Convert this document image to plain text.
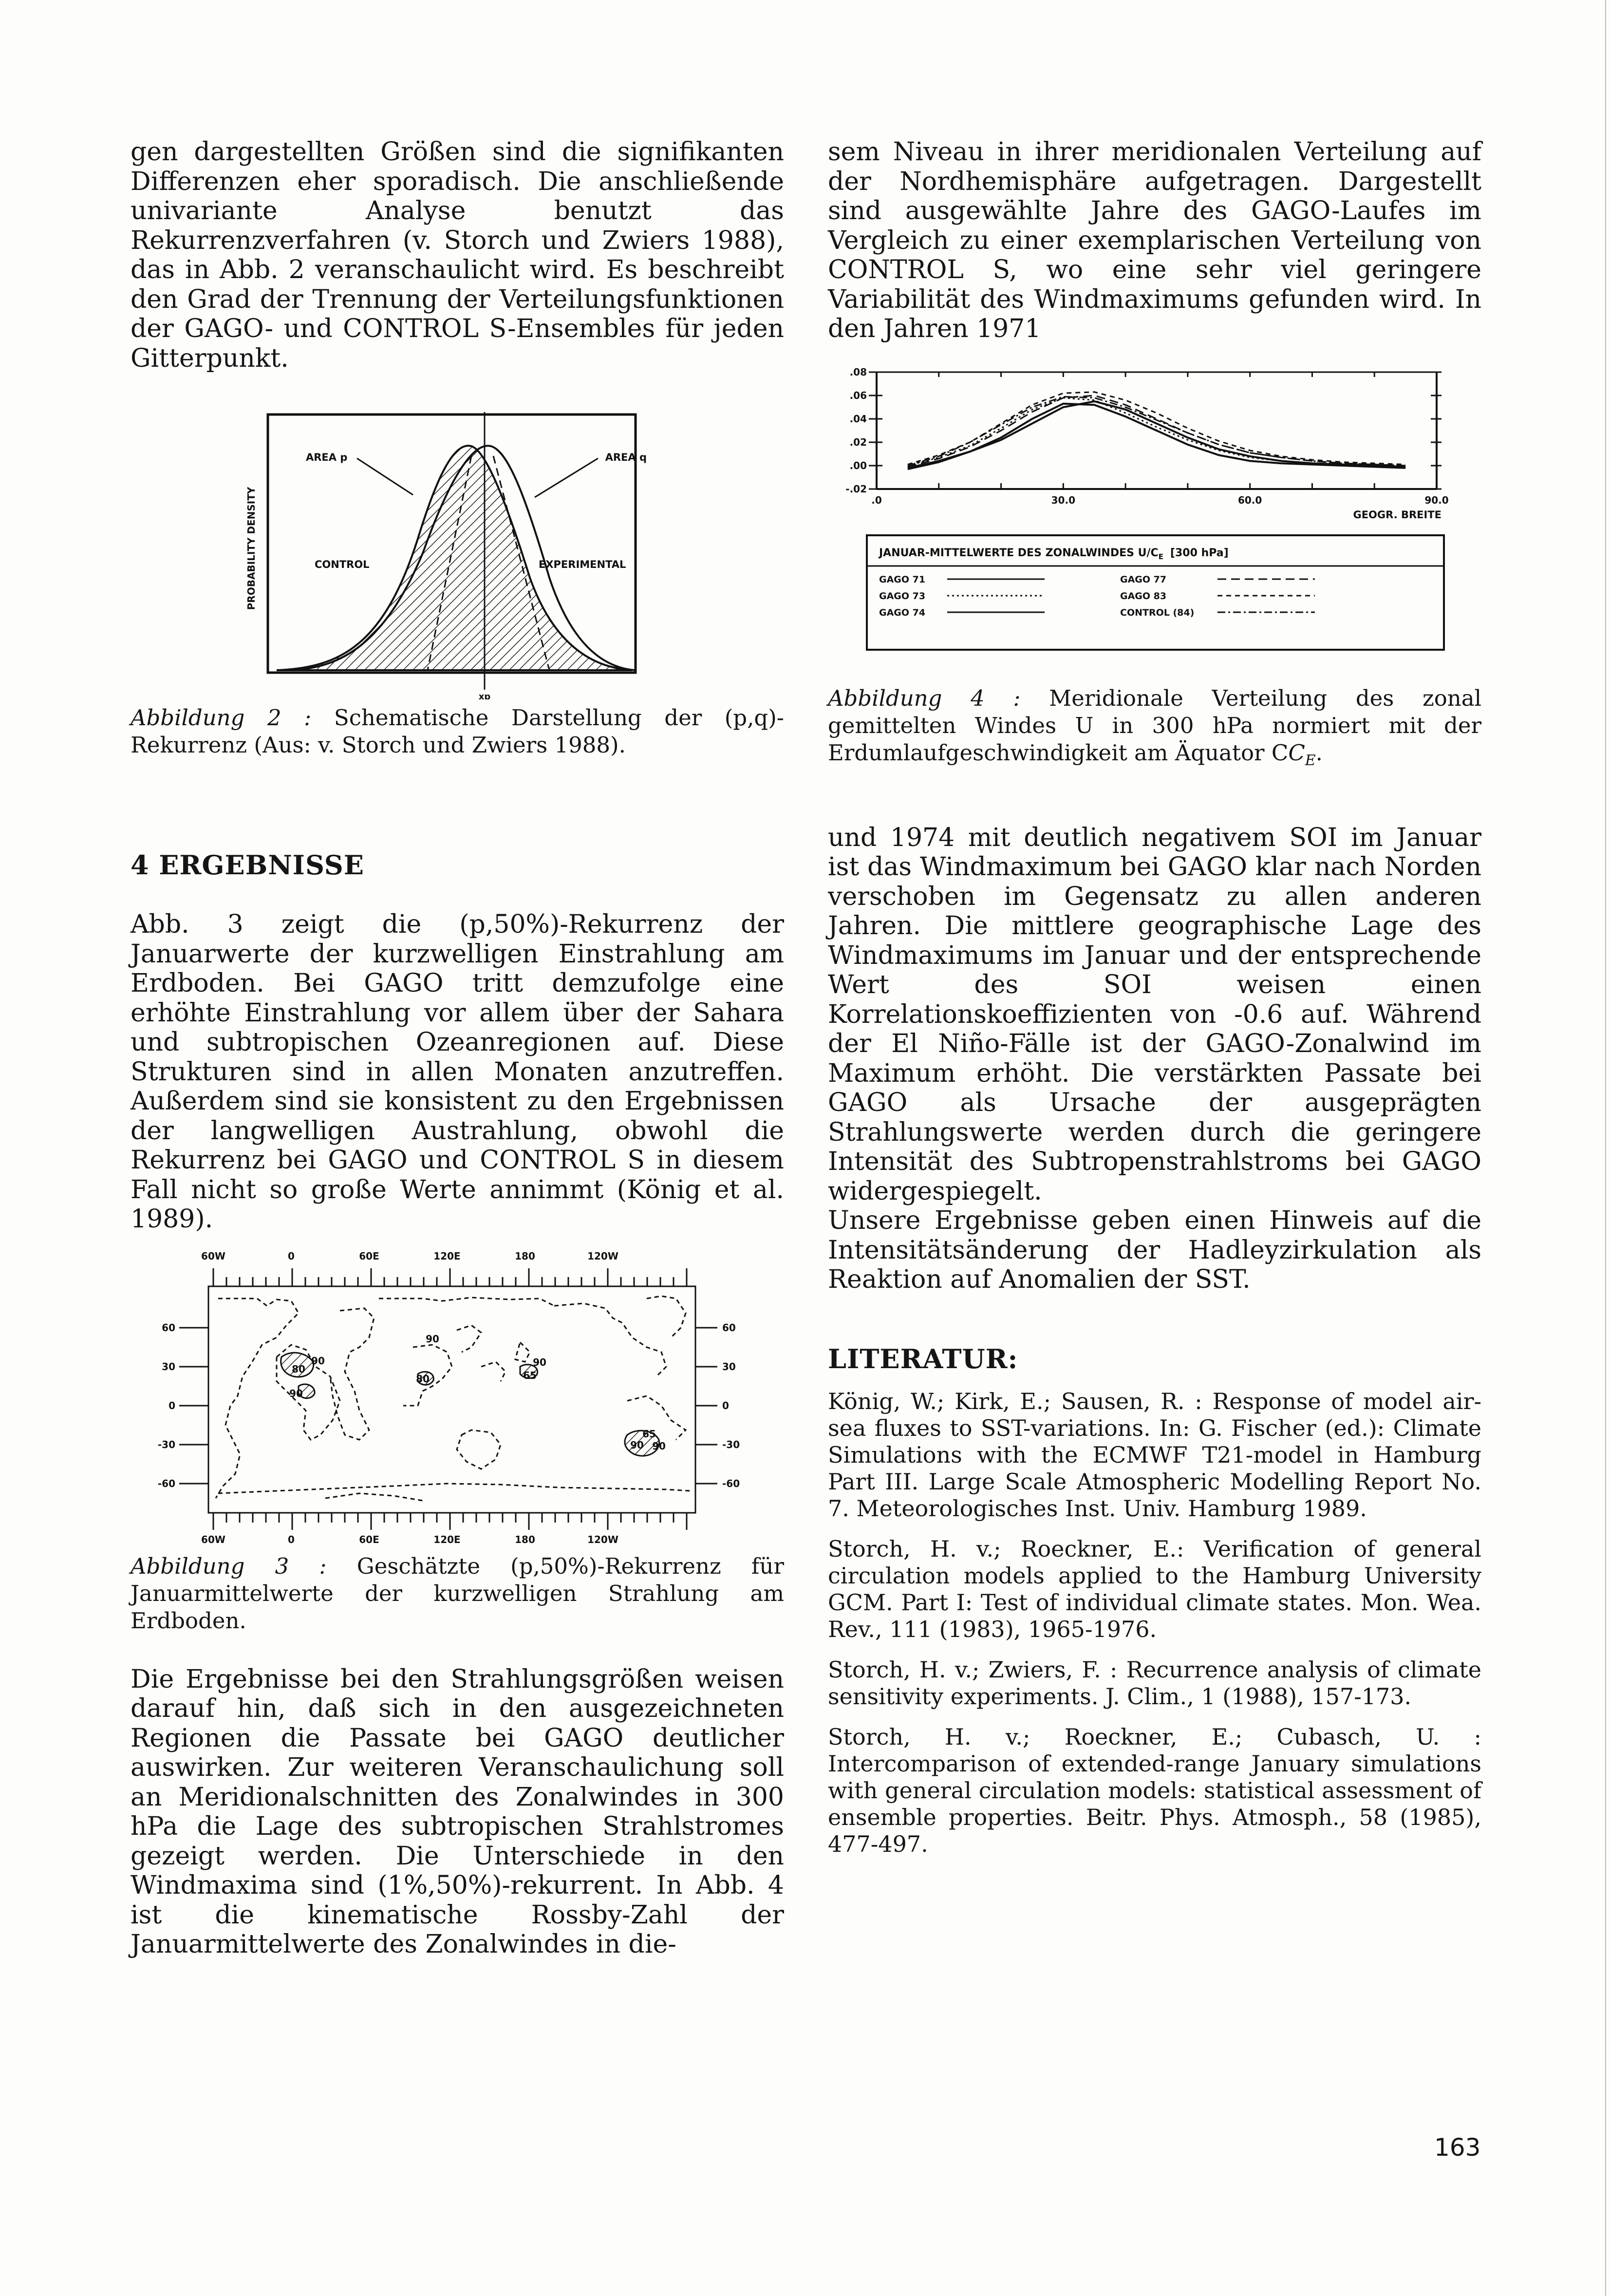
gen dargestellten Größen sind die signifikanten Differenzen eher sporadisch. Die anschließende univariante Analyse benutzt das Rekurrenzverfahren (v. Storch und Zwiers 1988), das in Abb. 2 veranschaulicht wird. Es beschreibt den Grad der Trennung der Verteilungsfunktionen der GAGO- und CONTROL S-Ensembles für jeden Gitterpunkt.

PROBABILITY DENSITY
AREA p	AREA q
CONTROL	EXPERIMENTAL
xp

Abbildung 2 : Schematische Darstellung der (p,q)-Rekurrenz (Aus: v. Storch und Zwiers 1988).

4 ERGEBNISSE

Abb. 3 zeigt die (p,50%)-Rekurrenz der Januarwerte der kurzwelligen Einstrahlung am Erdboden. Bei GAGO tritt demzufolge eine erhöhte Einstrahlung vor allem über der Sahara und subtropischen Ozeanregionen auf. Diese Strukturen sind in allen Monaten anzutreffen. Außerdem sind sie konsistent zu den Ergebnissen der langwelligen Austrahlung, obwohl die Rekurrenz bei GAGO und CONTROL S in diesem Fall nicht so große Werte annimmt (König et al. 1989).

60W	0	60E	120E	180	120W
60W	0	60E	120E	180	120W
60
30
0
-30
-60
60
30
0
-30
-60
90
80
90
80
90
65
90
65
90 90

Abbildung 3 : Geschätzte (p,50%)-Rekurrenz für Januarmittelwerte der kurzwelligen Strahlung am Erdboden.

Die Ergebnisse bei den Strahlungsgrößen weisen darauf hin, daß sich in den ausgezeichneten Regionen die Passate bei GAGO deutlicher auswirken. Zur weiteren Veranschaulichung soll an Meridionalschnitten des Zonalwindes in 300 hPa die Lage des subtropischen Strahlstromes gezeigt werden. Die Unterschiede in den Windmaxima sind (1%,50%)-rekurrent. In Abb. 4 ist die kinematische Rossby-Zahl der Januarmittelwerte des Zonalwindes in die-

sem Niveau in ihrer meridionalen Verteilung auf der Nordhemisphäre aufgetragen. Dargestellt sind ausgewählte Jahre des GAGO-Laufes im Vergleich zu einer exemplarischen Verteilung von CONTROL S, wo eine sehr viel geringere Variabilität des Windmaximums gefunden wird. In den Jahren 1971

.08
.06
.04
.02
.00
-.02
.0	30.0	60.0	90.0
GEOGR. BREITE
JANUAR-MITTELWERTE DES ZONALWINDES $U/C_E$ [300 hPa]
GAGO 71
GAGO 73
GAGO 74
GAGO 77
GAGO 83
CONTROL (84)

Abbildung 4 : Meridionale Verteilung des zonal gemittelten Windes U in 300 hPa normiert mit der Erdumlaufgeschwindigkeit am Äquator $CC_E$.

und 1974 mit deutlich negativem SOI im Januar ist das Windmaximum bei GAGO klar nach Norden verschoben im Gegensatz zu allen anderen Jahren. Die mittlere geographische Lage des Windmaximums im Januar und der entsprechende Wert des SOI weisen einen Korrelationskoeffizienten von -0.6 auf. Während der El Niño-Fälle ist der GAGO-Zonalwind im Maximum erhöht. Die verstärkten Passate bei GAGO als Ursache der ausgeprägten Strahlungswerte werden durch die geringere Intensität des Subtropenstrahlstroms bei GAGO widergespiegelt.

Unsere Ergebnisse geben einen Hinweis auf die Intensitätsänderung der Hadleyzirkulation als Reaktion auf Anomalien der SST.

LITERATUR:

König, W.; Kirk, E.; Sausen, R. : Response of model air-sea fluxes to SST-variations. In: G. Fischer (ed.): Climate Simulations with the ECMWF T21-model in Hamburg Part III. Large Scale Atmospheric Modelling Report No. 7. Meteorologisches Inst. Univ. Hamburg 1989.

Storch, H. v.; Roeckner, E.: Verification of general circulation models applied to the Hamburg University GCM. Part I: Test of individual climate states. Mon. Wea. Rev., 111 (1983), 1965-1976.

Storch, H. v.; Zwiers, F. : Recurrence analysis of climate sensitivity experiments. J. Clim., 1 (1988), 157-173.

Storch, H. v.; Roeckner, E.; Cubasch, U. : Intercomparison of extended-range January simulations with general circulation models: statistical assessment of ensemble properties. Beitr. Phys. Atmosph., 58 (1985), 477-497.

163
